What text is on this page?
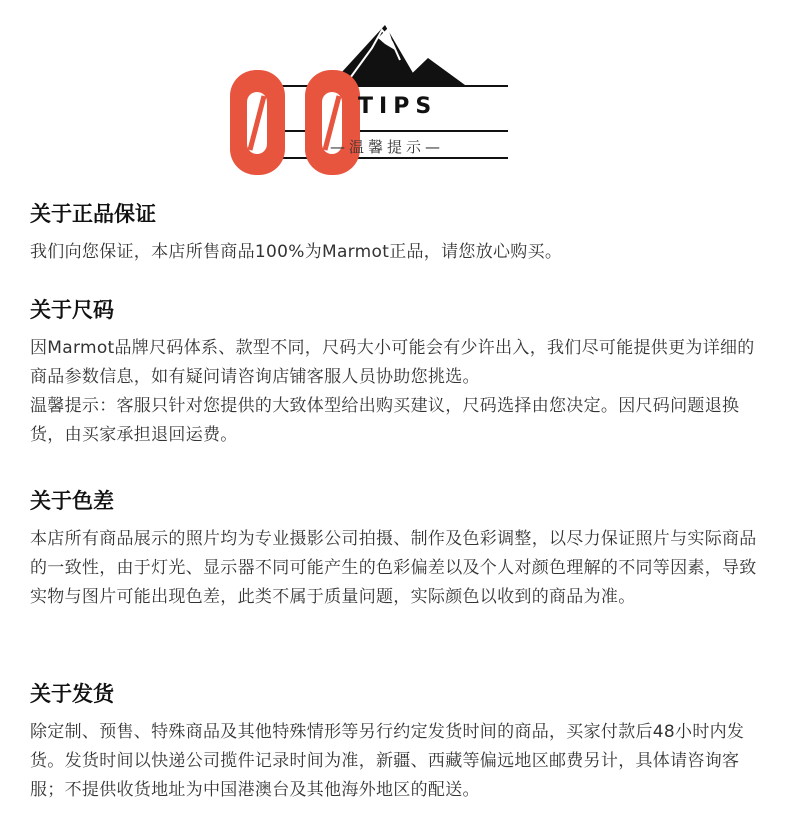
TIPS
—温馨提示—
关于正品保证

我们向您保证，本店所售商品100%为Marmot正品，请您放心购买。

关于尺码

因Marmot品牌尺码体系、款型不同，尺码大小可能会有少许出入，我们尽可能提供更为详细的商品参数信息，如有疑问请咨询店铺客服人员协助您挑选。

温馨提示：客服只针对您提供的大致体型给出购买建议，尺码选择由您决定。因尺码问题退换货，由买家承担退回运费。

关于色差

本店所有商品展示的照片均为专业摄影公司拍摄、制作及色彩调整，以尽力保证照片与实际商品的一致性，由于灯光、显示器不同可能产生的色彩偏差以及个人对颜色理解的不同等因素，导致实物与图片可能出现色差，此类不属于质量问题，实际颜色以收到的商品为准。

关于发货

除定制、预售、特殊商品及其他特殊情形等另行约定发货时间的商品，买家付款后48小时内发货。发货时间以快递公司揽件记录时间为准，新疆、西藏等偏远地区邮费另计，具体请咨询客服；不提供收货地址为中国港澳台及其他海外地区的配送。
